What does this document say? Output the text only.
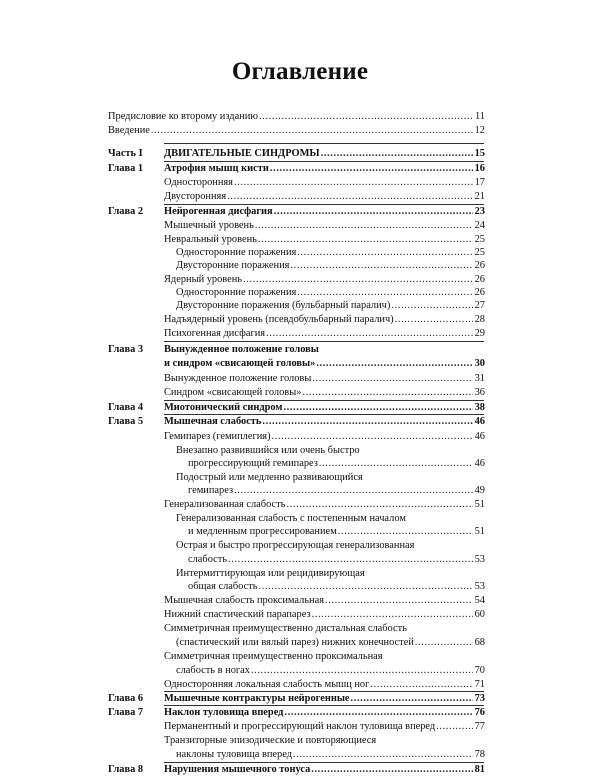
Оглавление
Предисловие ко второму изданию .....	11
Введение .....	12
Часть I ДВИГАТЕЛЬНЫЕ СИНДРОМЫ .....	15
Глава 1 Атрофия мышц кисти .....	16
Односторонняя .....	17
Двусторонняя .....	21
Глава 2 Нейрогенная дисфагия .....	23
Мышечный уровень .....	24
Невральный уровень .....	25
Односторонние поражения .....	25
Двусторонние поражения .....	26
Ядерный уровень .....	26
Односторонние поражения .....	26
Двусторонние поражения (бульбарный паралич) .....	27
Надъядерный уровень (псевдобульбарный паралич) .....	28
Психогенная дисфагия .....	29
Глава 3 Вынужденное положение головы
и синдром «свисающей головы» .....	30
Вынужденное положение головы .....	31
Синдром «свисающей головы» .....	36
Глава 4 Миотонический синдром .....	38
Глава 5 Мышечная слабость .....	46
Гемипарез (гемиплегия) .....	46
Внезапно развившийся или очень быстро
прогрессирующий гемипарез .....	46
Подострый или медленно развивающийся
гемипарез .....	49
Генерализованная слабость .....	51
Генерализованная слабость с постепенным началом
и медленным прогрессированием .....	51
Острая и быстро прогрессирующая генерализованная
слабость .....	53
Интермиттирующая или рецидивирующая
общая слабость .....	53
Мышечная слабость проксимальная .....	54
Нижний спастический парапарез .....	60
Симметричная преимущественно дистальная слабость
(спастический или вялый парез) нижних конечностей .....	68
Симметричная преимущественно проксимальная
слабость в ногах .....	70
Односторонняя локальная слабость мышц ног .....	71
Глава 6 Мышечные контрактуры нейрогенные .....	73
Глава 7 Наклон туловища вперед .....	76
Перманентный и прогрессирующий наклон туловища вперед .....	77
Транзиторные эпизодические и повторяющиеся
наклоны туловища вперед .....	78
Глава 8 Нарушения мышечного тонуса .....	81
